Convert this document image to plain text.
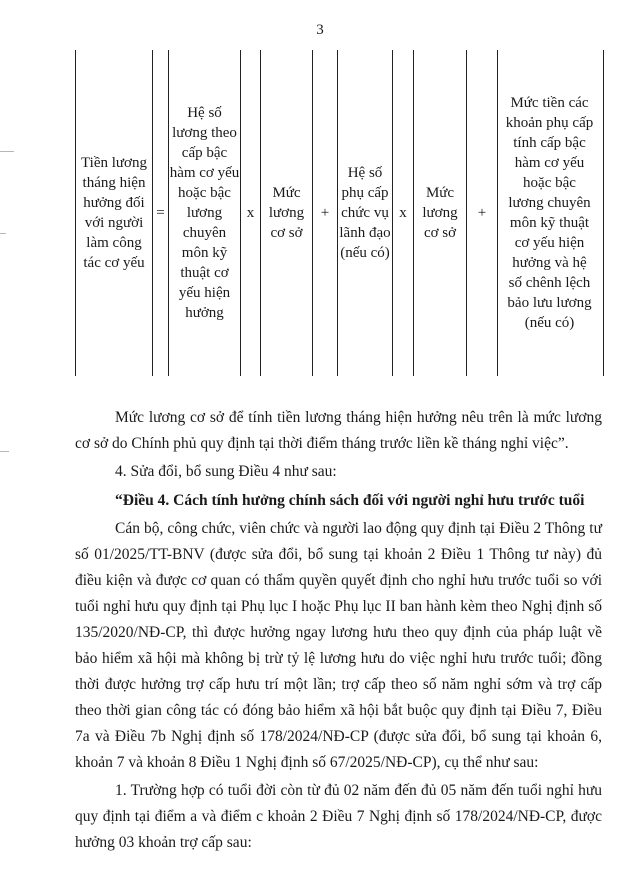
3
Tiền lương tháng hiện hưởng đối với người làm công tác cơ yếu
=
Hệ số lương theo cấp bậc hàm cơ yếu hoặc bậc lương chuyên môn kỹ thuật cơ yếu hiện hưởng
x
Mức lương cơ sở
+
Hệ số phụ cấp chức vụ lãnh đạo (nếu có)
x
Mức lương cơ sở
+
Mức tiền các khoản phụ cấp tính cấp bậc hàm cơ yếu hoặc bậc lương chuyên môn kỹ thuật cơ yếu hiện hưởng và hệ số chênh lệch bảo lưu lương (nếu có)
Mức lương cơ sở để tính tiền lương tháng hiện hưởng nêu trên là mức lương cơ sở do Chính phủ quy định tại thời điểm tháng trước liền kề tháng nghỉ việc”.
4. Sửa đổi, bổ sung Điều 4 như sau:
“Điều 4. Cách tính hưởng chính sách đối với người nghỉ hưu trước tuổi
Cán bộ, công chức, viên chức và người lao động quy định tại Điều 2 Thông tư số 01/2025/TT-BNV (được sửa đổi, bổ sung tại khoản 2 Điều 1 Thông tư này) đủ điều kiện và được cơ quan có thẩm quyền quyết định cho nghỉ hưu trước tuổi so với tuổi nghỉ hưu quy định tại Phụ lục I hoặc Phụ lục II ban hành kèm theo Nghị định số 135/2020/NĐ-CP, thì được hưởng ngay lương hưu theo quy định của pháp luật về bảo hiểm xã hội mà không bị trừ tỷ lệ lương hưu do việc nghỉ hưu trước tuổi; đồng thời được hưởng trợ cấp hưu trí một lần; trợ cấp theo số năm nghỉ sớm và trợ cấp theo thời gian công tác có đóng bảo hiểm xã hội bắt buộc quy định tại Điều 7, Điều 7a và Điều 7b Nghị định số 178/2024/NĐ-CP (được sửa đổi, bổ sung tại khoản 6, khoản 7 và khoản 8 Điều 1 Nghị định số 67/2025/NĐ-CP), cụ thể như sau:
1. Trường hợp có tuổi đời còn từ đủ 02 năm đến đủ 05 năm đến tuổi nghỉ hưu quy định tại điểm a và điểm c khoản 2 Điều 7 Nghị định số 178/2024/NĐ-CP, được hưởng 03 khoản trợ cấp sau:
